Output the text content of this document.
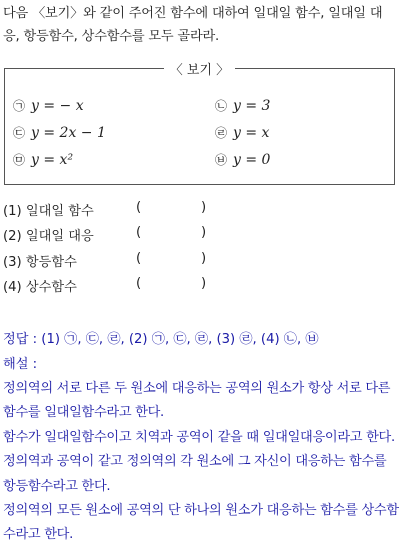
다음 〈보기〉와 같이 주어진 함수에 대하여 일대일 함수, 일대일 대응, 항등함수, 상수함수를 모두 골라라.
〈 보기 〉
㉠ y = − x	㉡ y = 3
㉢ y = 2x − 1	㉣ y = x
㉤ y = x²	㉥ y = 0
(1) 일대일 함수	(	)
(2) 일대일 대응	(	)
(3) 항등함수	(	)
(4) 상수함수	(	)
정답 : (1) ㉠, ㉢, ㉣, (2) ㉠, ㉢, ㉣, (3) ㉣, (4) ㉡, ㉥
해설 :

정의역의 서로 다른 두 원소에 대응하는 공역의 원소가 항상 서로 다른 함수를 일대일함수라고 한다.

함수가 일대일함수이고 치역과 공역이 같을 때 일대일대응이라고 한다.

정의역과 공역이 같고 정의역의 각 원소에 그 자신이 대응하는 함수를 항등함수라고 한다.

정의역의 모든 원소에 공역의 단 하나의 원소가 대응하는 함수를 상수함수라고 한다.
